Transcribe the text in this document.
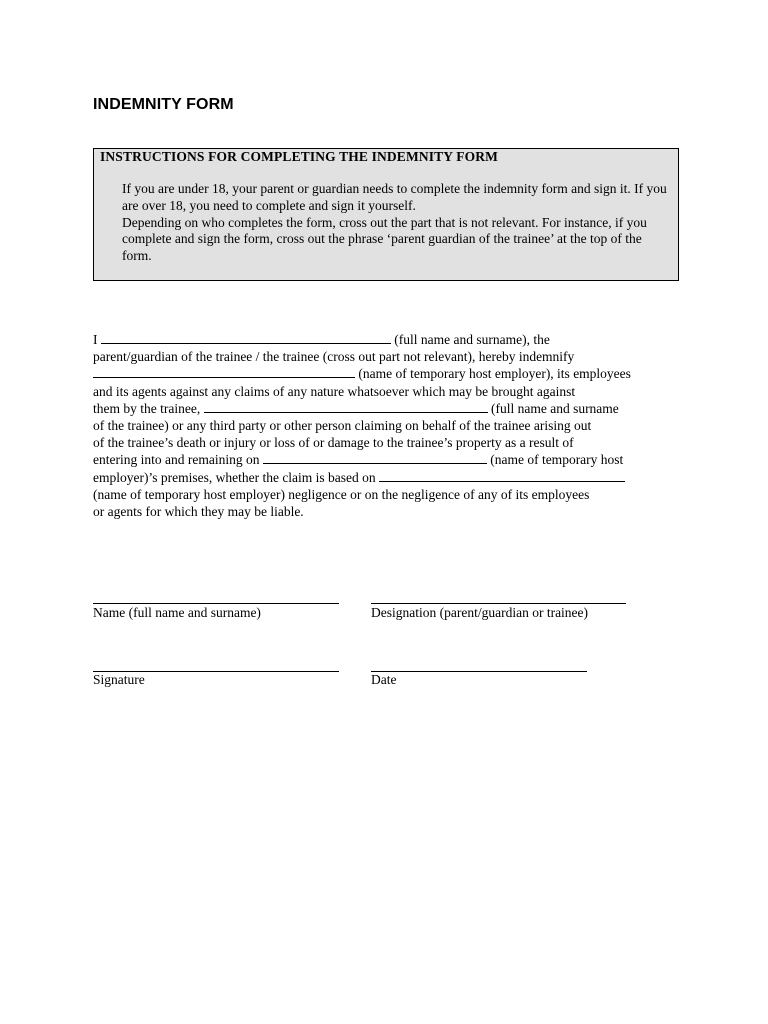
INDEMNITY FORM
INSTRUCTIONS FOR COMPLETING THE INDEMNITY FORM

If you are under 18, your parent or guardian needs to complete the indemnity form and sign it. If you are over 18, you need to complete and sign it yourself.

Depending on who completes the form, cross out the part that is not relevant. For instance, if you complete and sign the form, cross out the phrase ‘parent guardian of the trainee’ at the top of the form.

I	(full name and surname), the
parent/guardian of the trainee / the trainee (cross out part not relevant), hereby indemnify
(name of temporary host employer), its employees
and its agents against any claims of any nature whatsoever which may be brought against
them by the trainee,	(full name and surname
of the trainee) or any third party or other person claiming on behalf of the trainee arising out
of the trainee’s death or injury or loss of or damage to the trainee’s property as a result of
entering into and remaining on	(name of temporary host
employer)’s premises, whether the claim is based on
(name of temporary host employer) negligence or on the negligence of any of its employees
or agents for which they may be liable.
Name (full name and surname)	Designation (parent/guardian or trainee)
Signature	Date
